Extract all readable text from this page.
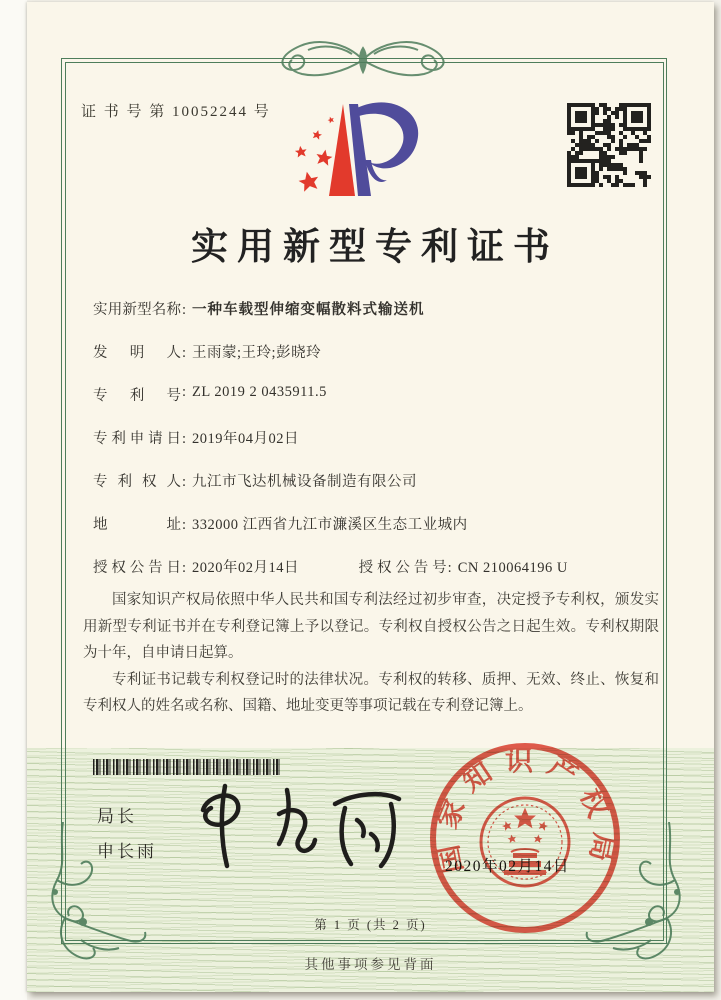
证 书 号 第 10052244 号
实用新型专利证书
实用新型名称: 一种车载型伸缩变幅散料式输送机
发明人: 王雨蒙;王玲;彭晓玲
专利号: ZL 2019 2 0435911.5
专利申请日: 2019年04月02日
专利权人: 九江市飞达机械设备制造有限公司
地址: 332000 江西省九江市濂溪区生态工业城内
授权公告日: 2020年02月14日	授权公告号: CN 210064196 U

国家知识产权局依照中华人民共和国专利法经过初步审查，决定授予专利权，颁发实用新型专利证书并在专利登记簿上予以登记。专利权自授权公告之日起生效。专利权期限为十年，自申请日起算。

专利证书记载专利权登记时的法律状况。专利权的转移、质押、无效、终止、恢复和专利权人的姓名或名称、国籍、地址变更等事项记载在专利登记簿上。

局长
申长雨	国家知识产权局
2020年02月14日
第 1 页 (共 2 页)
其他事项参见背面
